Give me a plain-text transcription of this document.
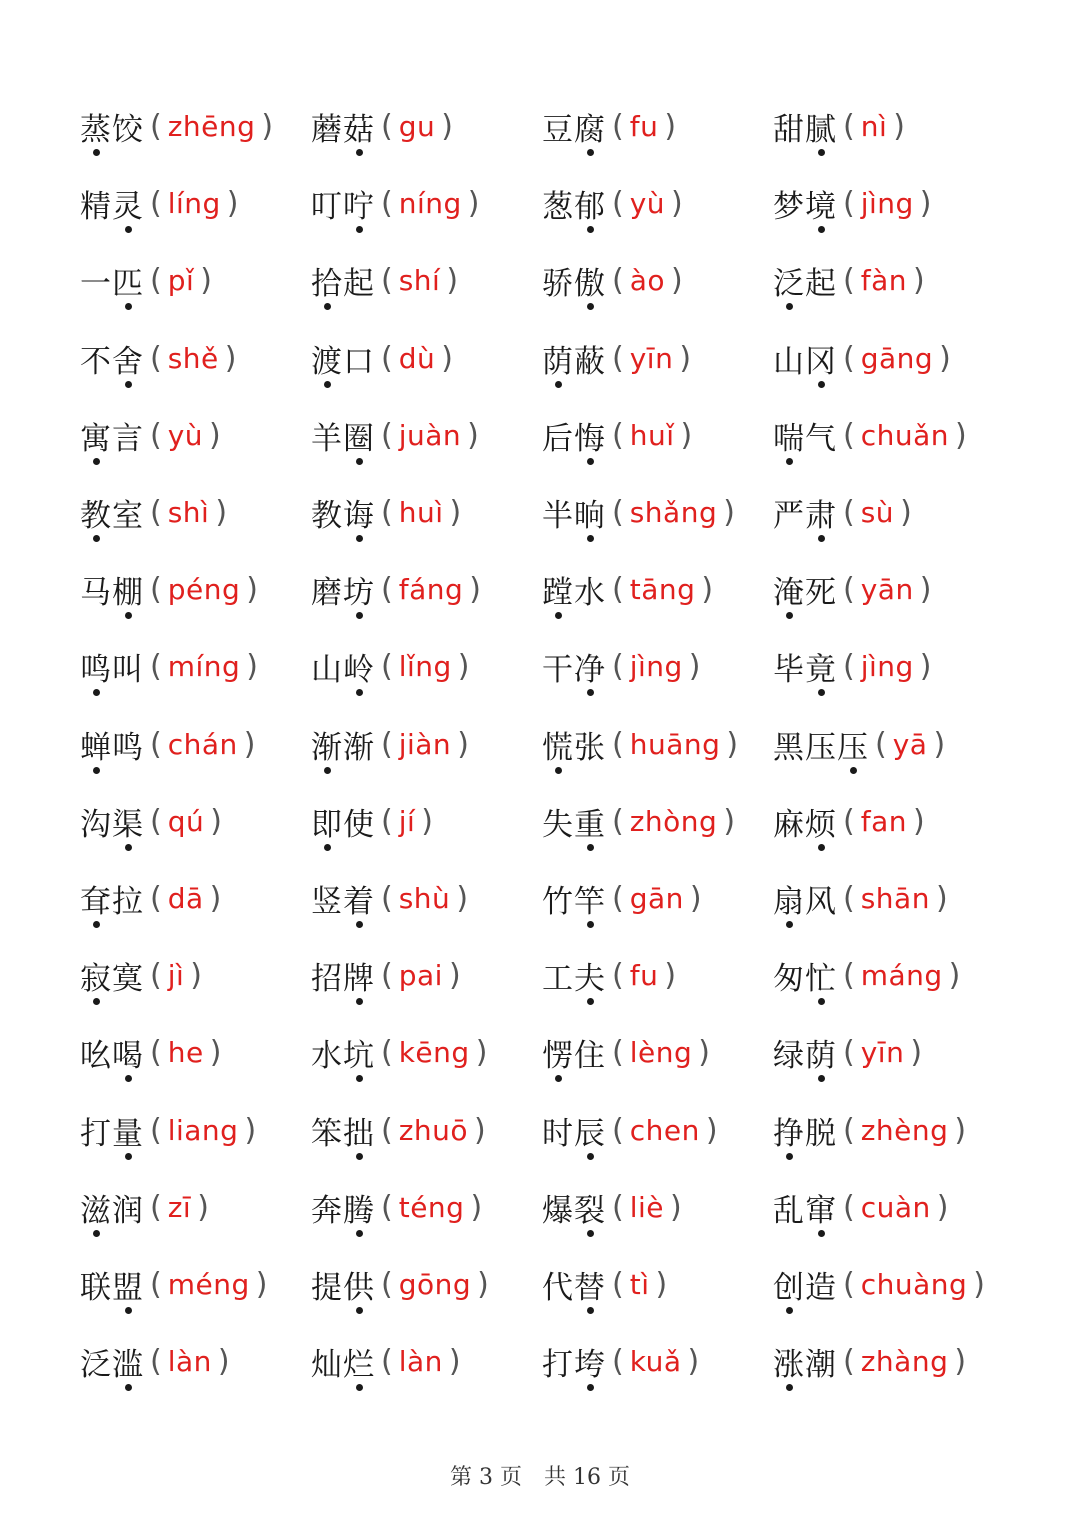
蒸 饺 ( zhēng ) 蘑 菇 ( gu )	豆 腐 ( fu )	甜 腻 ( nì )
精 灵 ( líng ) 叮 咛 ( níng ) 葱 郁 ( yù )	梦 境 ( jìng )
一 匹 ( pǐ )	拾 起 ( shí )	骄 傲 ( ào )	泛 起 ( fàn )
不 舍 ( shě ) 渡 口 ( dù )	荫 蔽 ( yīn )	山 冈 ( gāng )
寓 言 ( yù )	羊 圈 ( juàn ) 后 悔 ( huǐ )	喘 气 ( chuǎn )
教 室 ( shì )	教 诲 ( huì )	半 晌 ( shǎng ) 严 肃 ( sù )
马 棚 ( péng ) 磨 坊 ( fáng ) 蹚 水 ( tāng ) 淹 死 ( yān )
鸣 叫 ( míng ) 山 岭 ( lǐng ) 干 净 ( jìng ) 毕 竟 ( jìng )
蝉 鸣 ( chán ) 渐 渐 ( jiàn ) 慌 张 ( huāng ) 黑 压 压 ( yā )
沟 渠 ( qú )	即 使 ( jí )	失 重 ( zhòng ) 麻 烦 ( fan )
耷 拉 ( dā )	竖 着 ( shù ) 竹 竿 ( gān ) 扇 风 ( shān )
寂 寞 ( jì )	招 牌 ( pai )	工 夫 ( fu )	匆 忙 ( máng )
吆 喝 ( he )	水 坑 ( kēng ) 愣 住 ( lèng ) 绿 荫 ( yīn )
打 量 ( liang ) 笨 拙 ( zhuō ) 时 辰 ( chen ) 挣 脱 ( zhèng )
滋 润 ( zī )	奔 腾 ( téng ) 爆 裂 ( liè )	乱 窜 ( cuàn )
联 盟 ( méng ) 提 供 ( gōng ) 代 替 ( tì )	创 造 ( chuàng )
泛 滥 ( làn )	灿 烂 ( làn )	打 垮 ( kuǎ ) 涨 潮 ( zhàng )
第 3 页　共 16 页
